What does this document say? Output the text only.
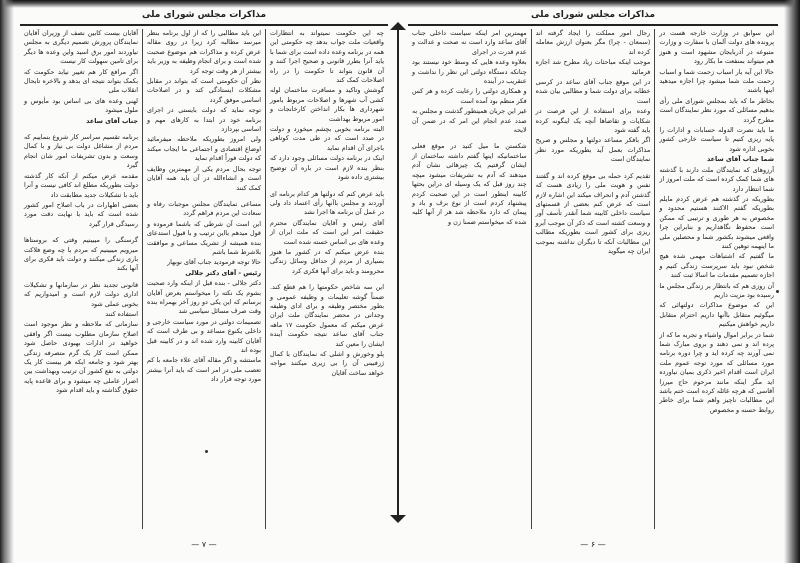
مذاکرات مجلس شورای ملی

چه این حکومت نمیتواند به انتظارات واقعیات ملت جواب بدهد چه حکومتی این همه در برنامه وعده داده است برای شما با یاید آنرا بطرز قانونی و صحیح اجرا کنند و آن قانون بتواند تا حکومت را در راه اصلاحات کمک کند

گوشش وتاکید و مسافرت ساختمان لوله کشی آب شهرها و اصلاحات مربوط بامور شهرداری ها بکار انداختن کارخانجات و امور مربوط بهداشت

البته برنامه بخوبی بچشم میخورد و دولت در صدد است که در طی مدت کوتاهی باجرای آن اقدام نماید

اینک در برنامه دولت مسائلی وجود دارد که بنظر بنده لازم است در باره آن توضیح بیشتری داده شود

باید عرض کنم که دولتها هر کدام برنامه ای آوردند و مجلس باآنها رأی اعتماد داد ولی در عمل آن برنامه ها اجرا نشد

آقای رئیس و آقایان نمایندگان محترم حقیقت امر این است که ملت ایران از وعده های بی اساس خسته شده است

بنده عرض میکنم که در کشور ما هنوز بسیاری از مردم از حداقل وسائل زندگی محرومند و باید برای آنها فکری کرد

این سه شاخص حکومتها را هم قطع کند. ضمناً گوشه تعلیمات و وظیفه عمومی و بطور مختصر وظیفه و برای ادای وظیفه وجدانی در محضر نمایندگان ملت ایران عرض میکنم که معمول حکومت ۱۷ ماهه جناب آقای ساعد نتیجه حکومت آینده ایشان را معین کند

پلو وخورش و اشلی که نمایندگان با کمال ژرفبینی آن را بی زیری میکنند مواجه خواهد ساخت آقایان

این باید مطالبی را که از اول برنامه بنظر میرسد مطالبه کرد زیرا در روی مقاله عرض کرده و مذاکرات هم موضوع صحبت شده است و برای انجام وظیفه به وزیر باید بیشتر از هر وقت توجه کرد

نظر آن حکومتی است که بتواند در مقابل مشکلات ایستادگی کند و در اصلاحات اساسی موفق گردد

توجه نماید که دولت بایستی در اجرای برنامه خود در ابتدا به کارهای مهم و اساسی بپردازد

ولی امروز بطوریکه ملاحظه میفرمائید اوضاع اقتصادی و اجتماعی ما ایجاب میکند که دولت فوراً اقدام نماید

توجه بحال مردم یکی از مهمترین وظایف است و انشاءالله در آن باید همه آقایان کمک کنند

مساعی نمایندگان مجلس موجبات رفاه و سعادت این مردم فراهم گردد

این است آن شرطی که باشما فرموده و قول میدهم بااین ترتیب و با قبول استدعای بنده همیشه از تشریک مساعی و موافقت بلاشرط شما باشم

حالا توجه فرمودید جناب آقای نوبهار

رئیس - آقای دکتر جلالی

دکتر جلالی - بنده قبل از اینکه وارد صحبت بشوم یک نکته را میخواستم بعرض آقایان برسانم که این یکی دو روز آخر بهمراه بنده وقت صرف مسائل سیاسی شد

تصمیمات دولتی در مورد سیاست خارجی و داخلی یکنوع مساعد و بی طرف است که آقایان کابینه وارد شده اند و در کابینه قبل بوده اند

ماستشه و اگر مقاله آقای علاء جامعه با کم تعصب ملی در امر است که باید آنرا بیشتر مورد توجه قرار داد

آقایان بیست کابین نصف از وزیران آقایان نمایندگان پرورش تصمیم دیگری به مجلس نیاوردند امور برق اسید واین وعده ها دیگر برای تامین سهولت کار نیست

اگر مرافع کار هم تغییر نیابد حکومت که بکمک بتواند نتیجه ای بدهد و بالاخره تابحال انقلاب ملی

لهنی وعده های بی اساس بود مأیوس و ملول میشود

جناب آقای ساعد

برنامه تقسیم سراسر کار شروع بنماییم که مردم از مشاغل دولت بی نیاز و با کمال وسعت و بدون تشریفات امور شان انجام گیرد

مقدمه عرض میکنم از آنکه کار گذشته دولت بطوریکه مطلع اند کافی نیست و آنرا باید با تشکیلات جدید مطابقت داد

بعضی اظهارات در باب اصلاح امور کشور شده است که باید با نهایت دقت مورد رسیدگی قرار گیرد

گرسنگی را میبینیم وقتی که بروستاها میرویم میبینیم که مردم با چه وضع فلاکت باری زندگی میکنند و دولت باید فکری برای آنها بکند

قانونی تجدید نظر در سازمانها و تشکیلات اداری دولت لازم است و امیدواریم که بخوبی عملی شود

استفاده کنند

سازمانی که ملاحظه و نظر موجود است اصلاح سازمان مطلوب نیست اگر وافقی خواهید در ادارات بهبودی حاصل شود ممکن است کار یک گرم متصرفه زندگی بهتر شود و جامعه ایکه هر بیست کار یک دولتی به نفع کشور آن ترتیب وبهداشت بین اضرار عاملی چه میشود و برای قاعده پایه حقوق گذاشته و باید اقدام شود

— ۷ —
مذاکرات مجلس شورای ملی

این سوابق در وزارت خارجه هست در پرونده های دولت آلمان با سفارت و وزارت متبوعه در آذربایجان مشهود است و هنوز هم میتواند بمنفعت ما بکار رود

حالا این آیه بار اسباب زحمت شما و اسباب زحمت ملت شما میشود چرا اجازه میدهید اینها باشند

بخاطر ما که باید بمجلس شورای ملی رأی بدهیم مسائلی که مورد نظر نمایندگان است مطرح گردد

ما باید نصرت الدوله حسابات و ادارات را پایه ریزی کنیم تا سیاست خارجی کشور بخوبی اداره شود

شما جناب آقای ساعد

آرزوهای که نمایندگان ملت دارند با گذشته های شما کمک کرده است که ملت امروز از شما انتظار دارد

بطوریکه در گذشته هم عرض کردم مایلم بطوریکه گفتم الاکنند هستیم محدود و مخصوص به هر طوری و ترتیبی که ممکن است محفوظ نگاهداریم و بنابراین چرا واقعی میشوند بکشور شما و محصلین ملی ما اینهمه توهین کنند

ما گفتیم که اشتباهات مهمی شده هیچ شخص نبود باید سرپرست زندگی کنیم و اجازه تصمیم مقدمات ما اسالا ثبت کنند

آن روزی هم که بانتظار بر زندگی مجلس ما رسیده بود مزیت داریم

این که موضوع مذاکرات دولتهائی که میگوئیم متقابل باآنها داریم احترام متقابل داریم خواهش میکنیم

شما در برابر اموال واشیاء و تجربه ما که از پرده اند و نمی دهند و بروی مبارک شما نمی آورند چه کرده اید و چرا دوره برنامه مورد مسائلی که مورد توجه عموم ملت ایران است اقدام اخیر ذکری بمیان نیاورده اید مگر اینکه مانند مرحوم حاج میرزا آقاسی که هرچه غائله کرده است ختم باشد این مطالبات ناچیز واهم شما برای خاطر روابط حسنه و مخصوص

رجال امور مملکت را ایجاد گرفته اند (سمعان - چرا) مگر بعنوان ارزش معامله کرده اند

موجب اینکه مباحثات زیاد مطرح شد اجازه فرمائید

در این موقع جناب آقای ساعد در کرسی خطابه برای دولت شما و مطالبی بیان شده است

وعده برای استفاده از این فرصت در شکایات و تقاضاها آنچه یک اینگونه کرده باید گفته شود

اگر بافکر مساعد دولتها و مجلس و صریح مذاکرات بعمل آید بطوریکه مورد نظر نمایندگان است

تقدیم کرد حمله بی موقع کرده اند و گفتند نفس و هویت ملی را زیادی هست که گذشتن آدم و انحراف میکند این اشاره لازم است که عرض کنم بعضی از قسمتهای سیاست داخلی کابینه شما آنقدر تأسف آور و وسعت کشته است که ذکر آن موجب آبرو ریزی برای کشور است بطوریکه مطالب این مطالبات آنکه تا دیگران نداشته بموجب ایران چه میگوید

مهمترین امر اینکه سیاست داخلی جناب آقای ساعد وارد است نه صحت و عدالت و عدم قدرت در اجرای

بعلاوه وعده هایی که وسط خود نیستند بود چنانکه دستگاه دولتی این نظر را نداشت و عنقریب در آینده

و همکاری دولتی را رعایت کرده و هر کس فکر منظم بود آمده است

غیر این جریان همینطور گذشت و مجلس به صدد عدم انجام این امر که در ضمن آن لایحه

شکستن ما میل کنید در موقع فعلی ساختمانیکه اینها گفتم داشته ساختمان از ایشان گرفتیم یک چیزهائی نشان آدم میدهند که آدم به تشریفات میشود میچه چند روز قبل که یک وسیله ای دراین بحثها کابینه اینطور است در این صحبت کردم پیشنهاد کردم است از نوع برف و باد و پیمان که دارد ملاحظه شد هر از آنها کلیه شده که میخواستم ضمنا زن و

— ۶ —
